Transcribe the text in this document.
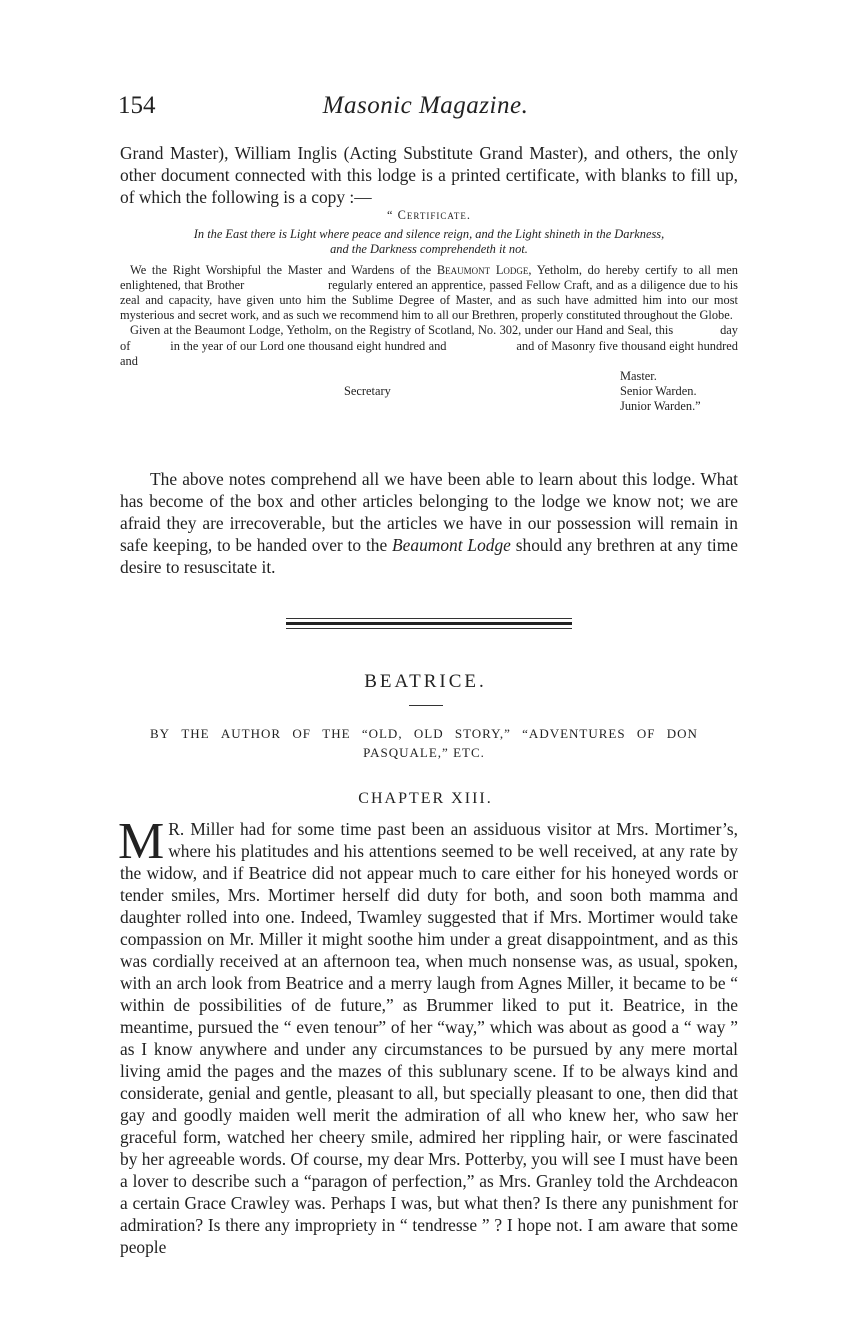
154	Masonic Magazine.

Grand Master), William Inglis (Acting Substitute Grand Master), and others, the only other document connected with this lodge is a printed certificate, with blanks to fill up, of which the following is a copy :—

“ Certificate.
In the East there is Light where peace and silence reign, and the Light shineth in the Darkness,
and the Darkness comprehendeth it not.

We the Right Worshipful the Master and Wardens of the Beaumont Lodge, Yetholm, do hereby certify to all men enlightened, that Brother                        regularly entered an apprentice, passed Fellow Craft, and as a diligence due to his zeal and capacity, have given unto him the Sublime Degree of Master, and as such have admitted him into our most mysterious and secret work, and as such we recommend him to all our Brethren, properly constituted throughout the Globe.

Given at the Beaumont Lodge, Yetholm, on the Registry of Scotland, No. 302, under our Hand and Seal, this              day of            in the year of our Lord one thousand eight hundred and                     and of Masonry five thousand eight hundred and

Master.
Secretary	Senior Warden.
Junior Warden.”

The above notes comprehend all we have been able to learn about this lodge. What has become of the box and other articles belonging to the lodge we know not; we are afraid they are irrecoverable, but the articles we have in our possession will remain in safe keeping, to be handed over to the Beaumont Lodge should any brethren at any time desire to resuscitate it.

BEATRICE.
BY THE AUTHOR OF THE “OLD, OLD STORY,” “ADVENTURES OF DON
PASQUALE,” ETC.
CHAPTER XIII.

M R. Miller had for some time past been an assiduous visitor at Mrs. Mortimer’s, where his platitudes and his attentions seemed to be well received, at any rate by the widow, and if Beatrice did not appear much to care either for his honeyed words or tender smiles, Mrs. Mortimer herself did duty for both, and soon both mamma and daughter rolled into one. Indeed, Twamley suggested that if Mrs. Mortimer would take compassion on Mr. Miller it might soothe him under a great disappointment, and as this was cordially received at an afternoon tea, when much nonsense was, as usual, spoken, with an arch look from Beatrice and a merry laugh from Agnes Miller, it became to be “ within de possibilities of de future,” as Brummer liked to put it. Beatrice, in the meantime, pursued the “ even tenour” of her “way,” which was about as good a “ way ” as I know anywhere and under any circumstances to be pursued by any mere mortal living amid the pages and the mazes of this sublunary scene. If to be always kind and considerate, genial and gentle, pleasant to all, but specially pleasant to one, then did that gay and goodly maiden well merit the admiration of all who knew her, who saw her graceful form, watched her cheery smile, admired her rippling hair, or were fascinated by her agreeable words. Of course, my dear Mrs. Potterby, you will see I must have been a lover to describe such a “paragon of perfection,” as Mrs. Granley told the Archdeacon a certain Grace Crawley was. Perhaps I was, but what then? Is there any punishment for admiration? Is there any impropriety in “ tendresse ” ? I hope not. I am aware that some people
